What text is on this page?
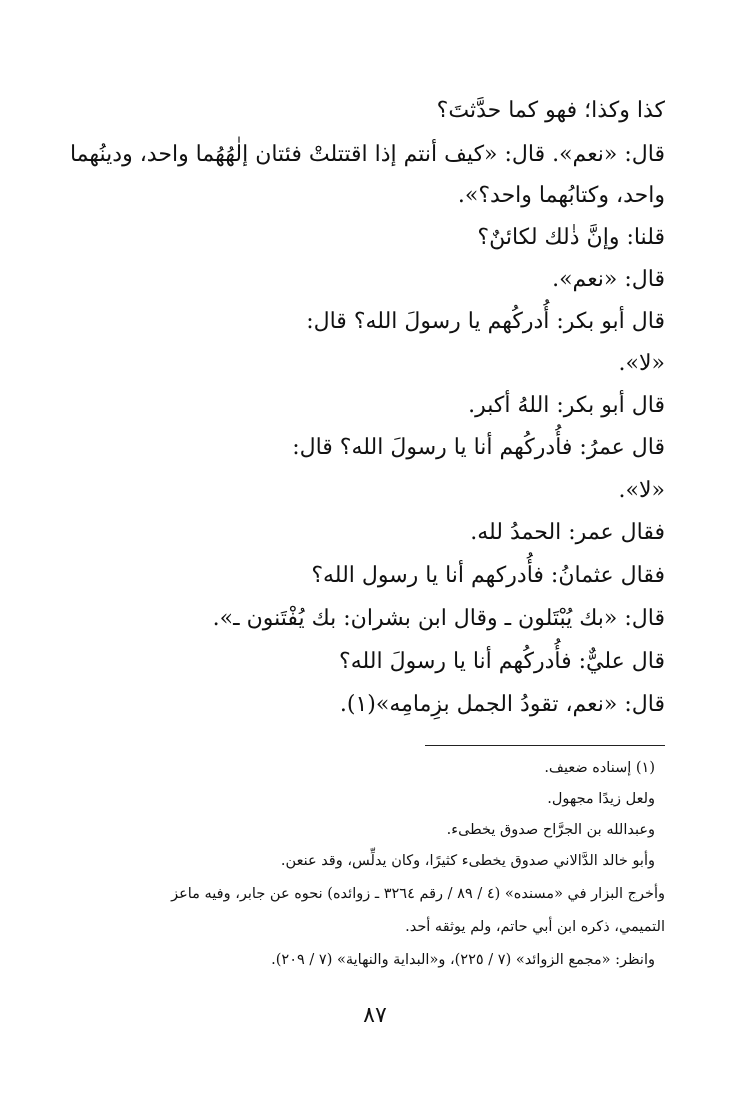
كذا وكذا؛ فهو كما حدَّثتَ؟
قال: «نعم». قال: «كيف أنتم إذا اقتتلتْ فئتان إلٰهُهُما واحد، ودينُهما
واحد، وكتابُهما واحد؟».
قلنا: وإنَّ ذٰلك لكائنٌ؟
قال: «نعم».
قال أبو بكر: أُدركُهم يا رسولَ الله؟ قال:
«لا».
قال أبو بكر: اللهُ أكبر.
قال عمرُ: فأُدركُهم أنا يا رسولَ الله؟ قال:
«لا».
فقال عمر: الحمدُ لله.
فقال عثمانُ: فأُدركهم أنا يا رسول الله؟
قال: «بك يُبْتَلون ـ وقال ابن بشران: بك يُفْتَنون ـ».
قال عليٌّ: فأُدركُهم أنا يا رسولَ الله؟
قال: «نعم، تقودُ الجمل بزِمامِه»(١).
(١) إسناده ضعيف.
ولعل زيدًا مجهول.
وعبدالله بن الجرَّاح صدوق يخطىء.
وأبو خالد الدَّالاني صدوق يخطىء كثيرًا، وكان يدلِّس، وقد عنعن.
وأخرج البزار في «مسنده» (٤ / ٨٩ / رقم ٣٢٦٤ ـ زوائده) نحوه عن جابر، وفيه ماعز
التميمي، ذكره ابن أبي حاتم، ولم يوثقه أحد.
وانظر: «مجمع الزوائد» (٧ / ٢٢٥)، و«البداية والنهاية» (٧ / ٢٠٩).
٨٧
